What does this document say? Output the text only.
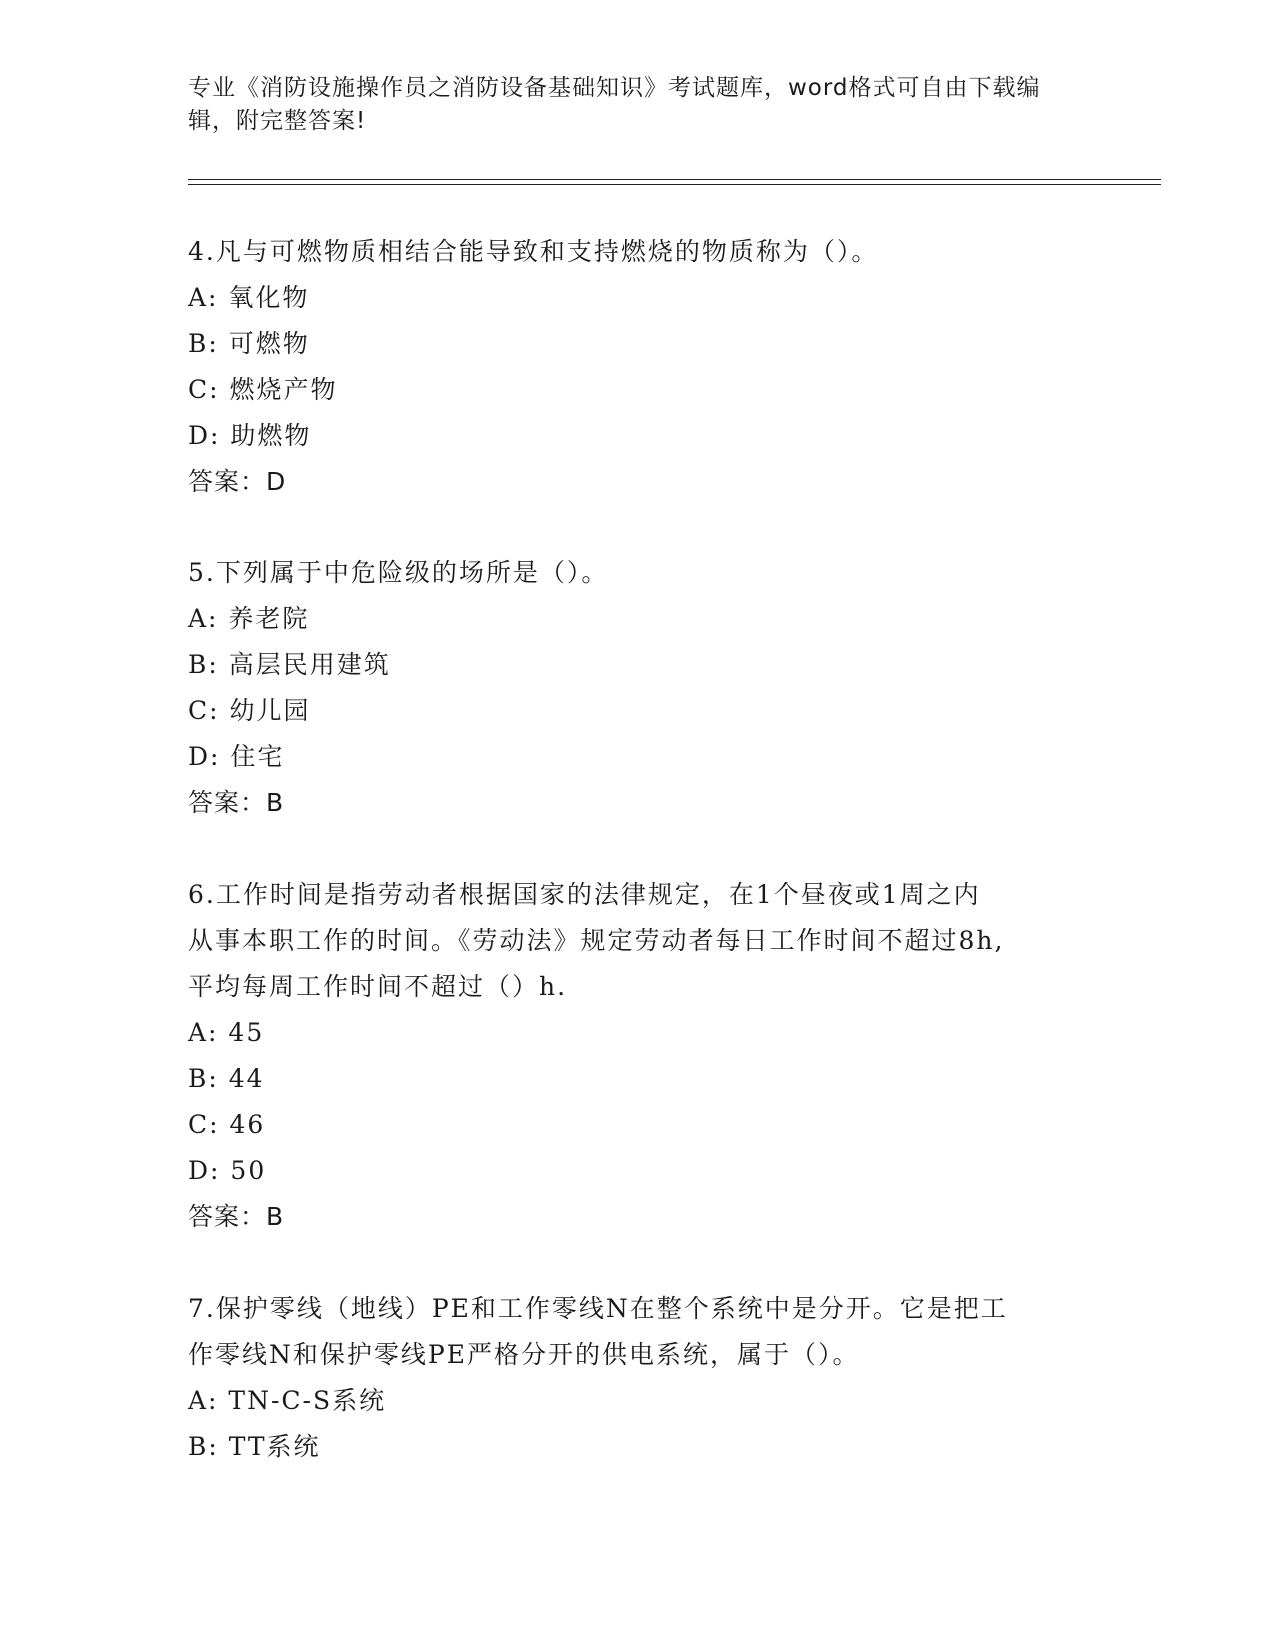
专业《消防设施操作员之消防设备基础知识》考试题库，word格式可自由下载编
辑，附完整答案!
4.凡与可燃物质相结合能导致和支持燃烧的物质称为（）。
A: 氧化物
B: 可燃物
C: 燃烧产物
D: 助燃物
答案：D
5.下列属于中危险级的场所是（）。
A: 养老院
B: 高层民用建筑
C: 幼儿园
D: 住宅
答案：B
6.工作时间是指劳动者根据国家的法律规定，在1个昼夜或1周之内
从事本职工作的时间。《劳动法》规定劳动者每日工作时间不超过8h,
平均每周工作时间不超过（）h.
A: 45
B: 44
C: 46
D: 50
答案：B
7.保护零线（地线）PE和工作零线N在整个系统中是分开。它是把工
作零线N和保护零线PE严格分开的供电系统，属于（）。
A: TN-C-S系统
B: TT系统
